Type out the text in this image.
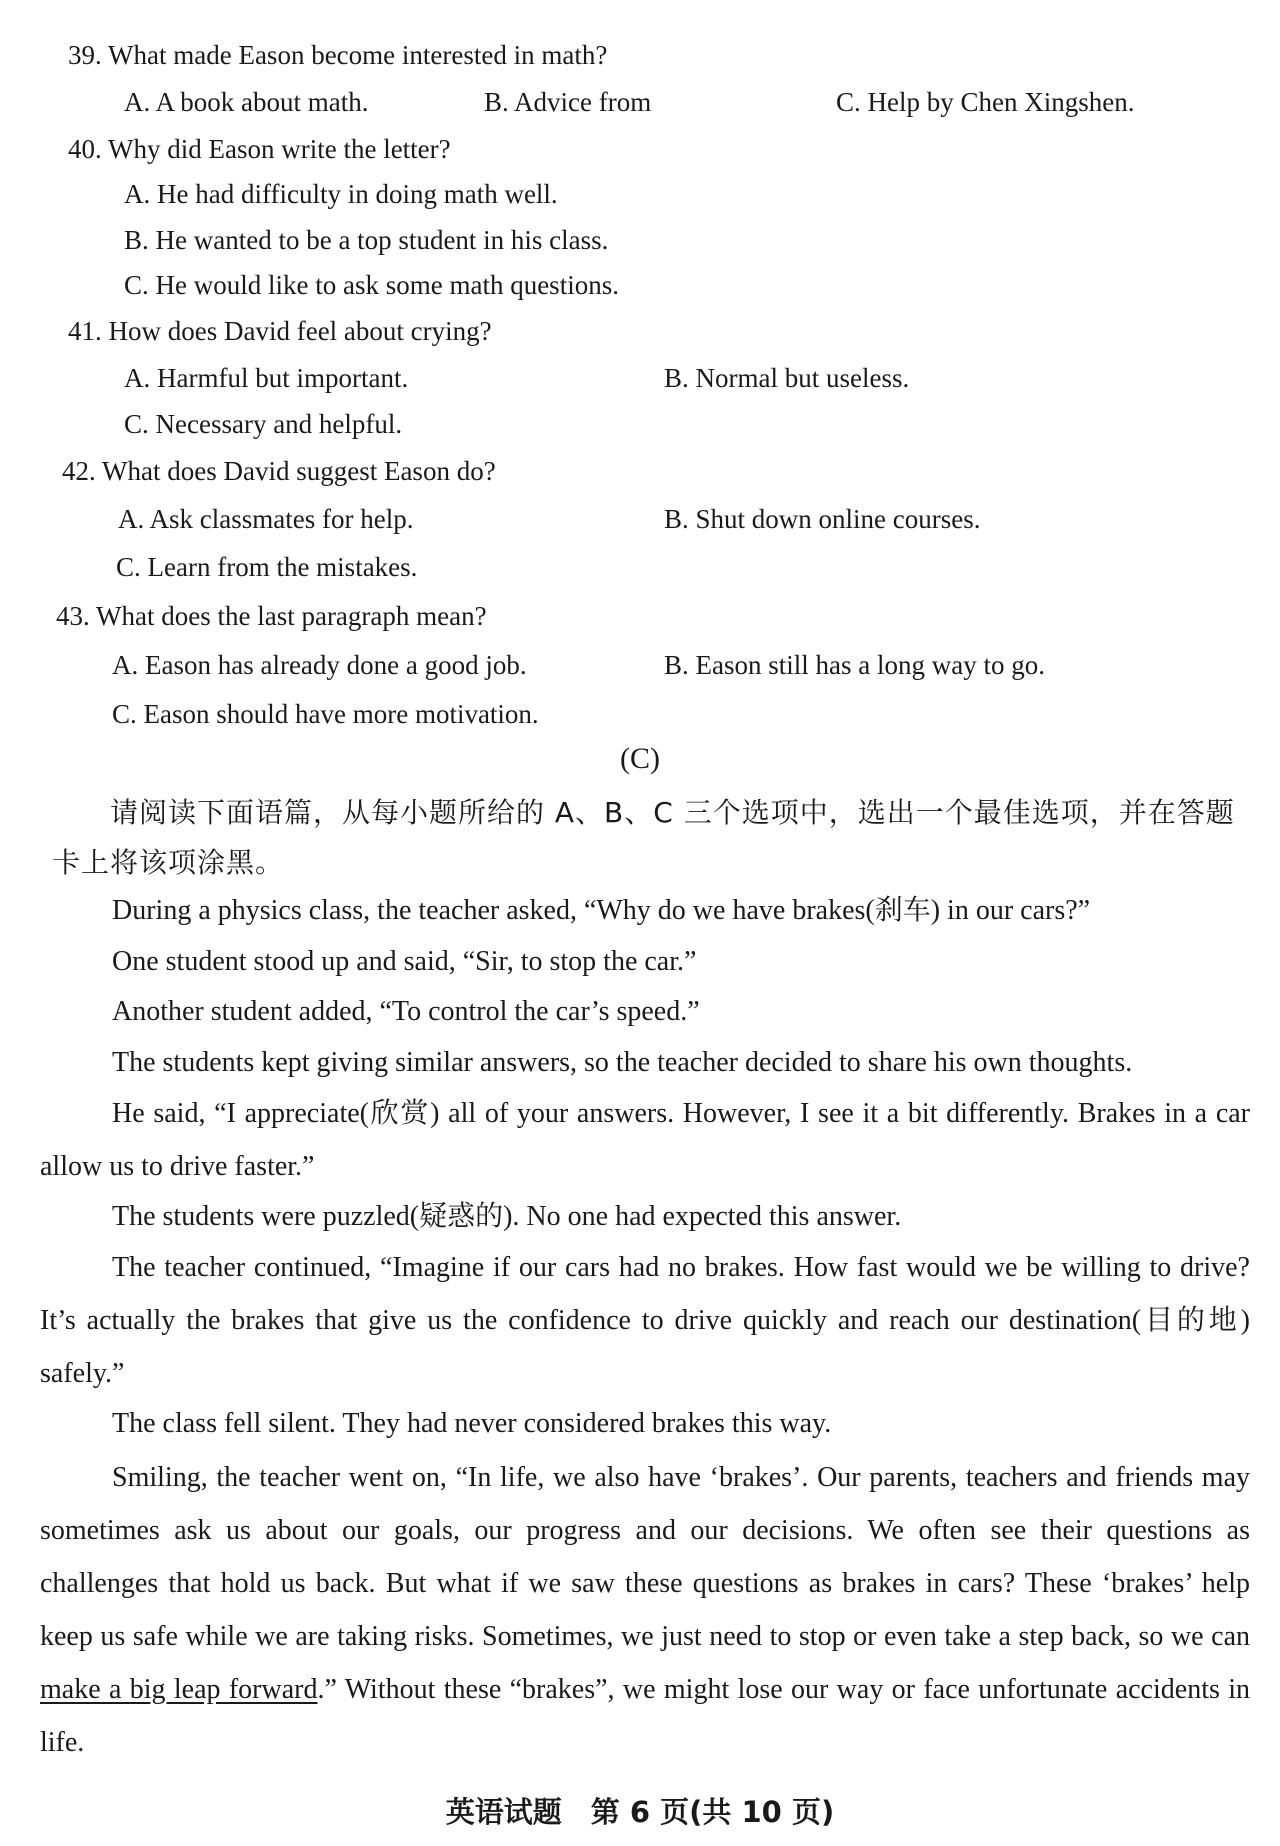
39. What made Eason become interested in math?
A. A book about math.	B. Advice from	C. Help by Chen Xingshen.
40. Why did Eason write the letter?
A. He had difficulty in doing math well.
B. He wanted to be a top student in his class.
C. He would like to ask some math questions.
41. How does David feel about crying?
A. Harmful but important.	B. Normal but useless.
C. Necessary and helpful.
42. What does David suggest Eason do?
A. Ask classmates for help.	B. Shut down online courses.
C. Learn from the mistakes.
43. What does the last paragraph mean?
A. Eason has already done a good job.	B. Eason still has a long way to go.
C. Eason should have more motivation.
(C)
请阅读下面语篇，从每小题所给的 A、B、C 三个选项中，选出一个最佳选项，并在答题卡上将该项涂黑。
During a physics class, the teacher asked, “Why do we have brakes(刹车) in our cars?”
One student stood up and said, “Sir, to stop the car.”
Another student added, “To control the car’s speed.”
The students kept giving similar answers, so the teacher decided to share his own thoughts.
He said, “I appreciate(欣赏) all of your answers. However, I see it a bit differently. Brakes in a car allow us to drive faster.”
The students were puzzled(疑惑的). No one had expected this answer.
The teacher continued, “Imagine if our cars had no brakes. How fast would we be willing to drive? It’s actually the brakes that give us the confidence to drive quickly and reach our destination(目的地) safely.”
The class fell silent. They had never considered brakes this way.
Smiling, the teacher went on, “In life, we also have ‘brakes’. Our parents, teachers and friends may sometimes ask us about our goals, our progress and our decisions. We often see their questions as challenges that hold us back. But what if we saw these questions as brakes in cars? These ‘brakes’ help keep us safe while we are taking risks. Sometimes, we just need to stop or even take a step back, so we can make a big leap forward.” Without these “brakes”, we might lose our way or face unfortunate accidents in life.
英语试题　第 6 页(共 10 页)
